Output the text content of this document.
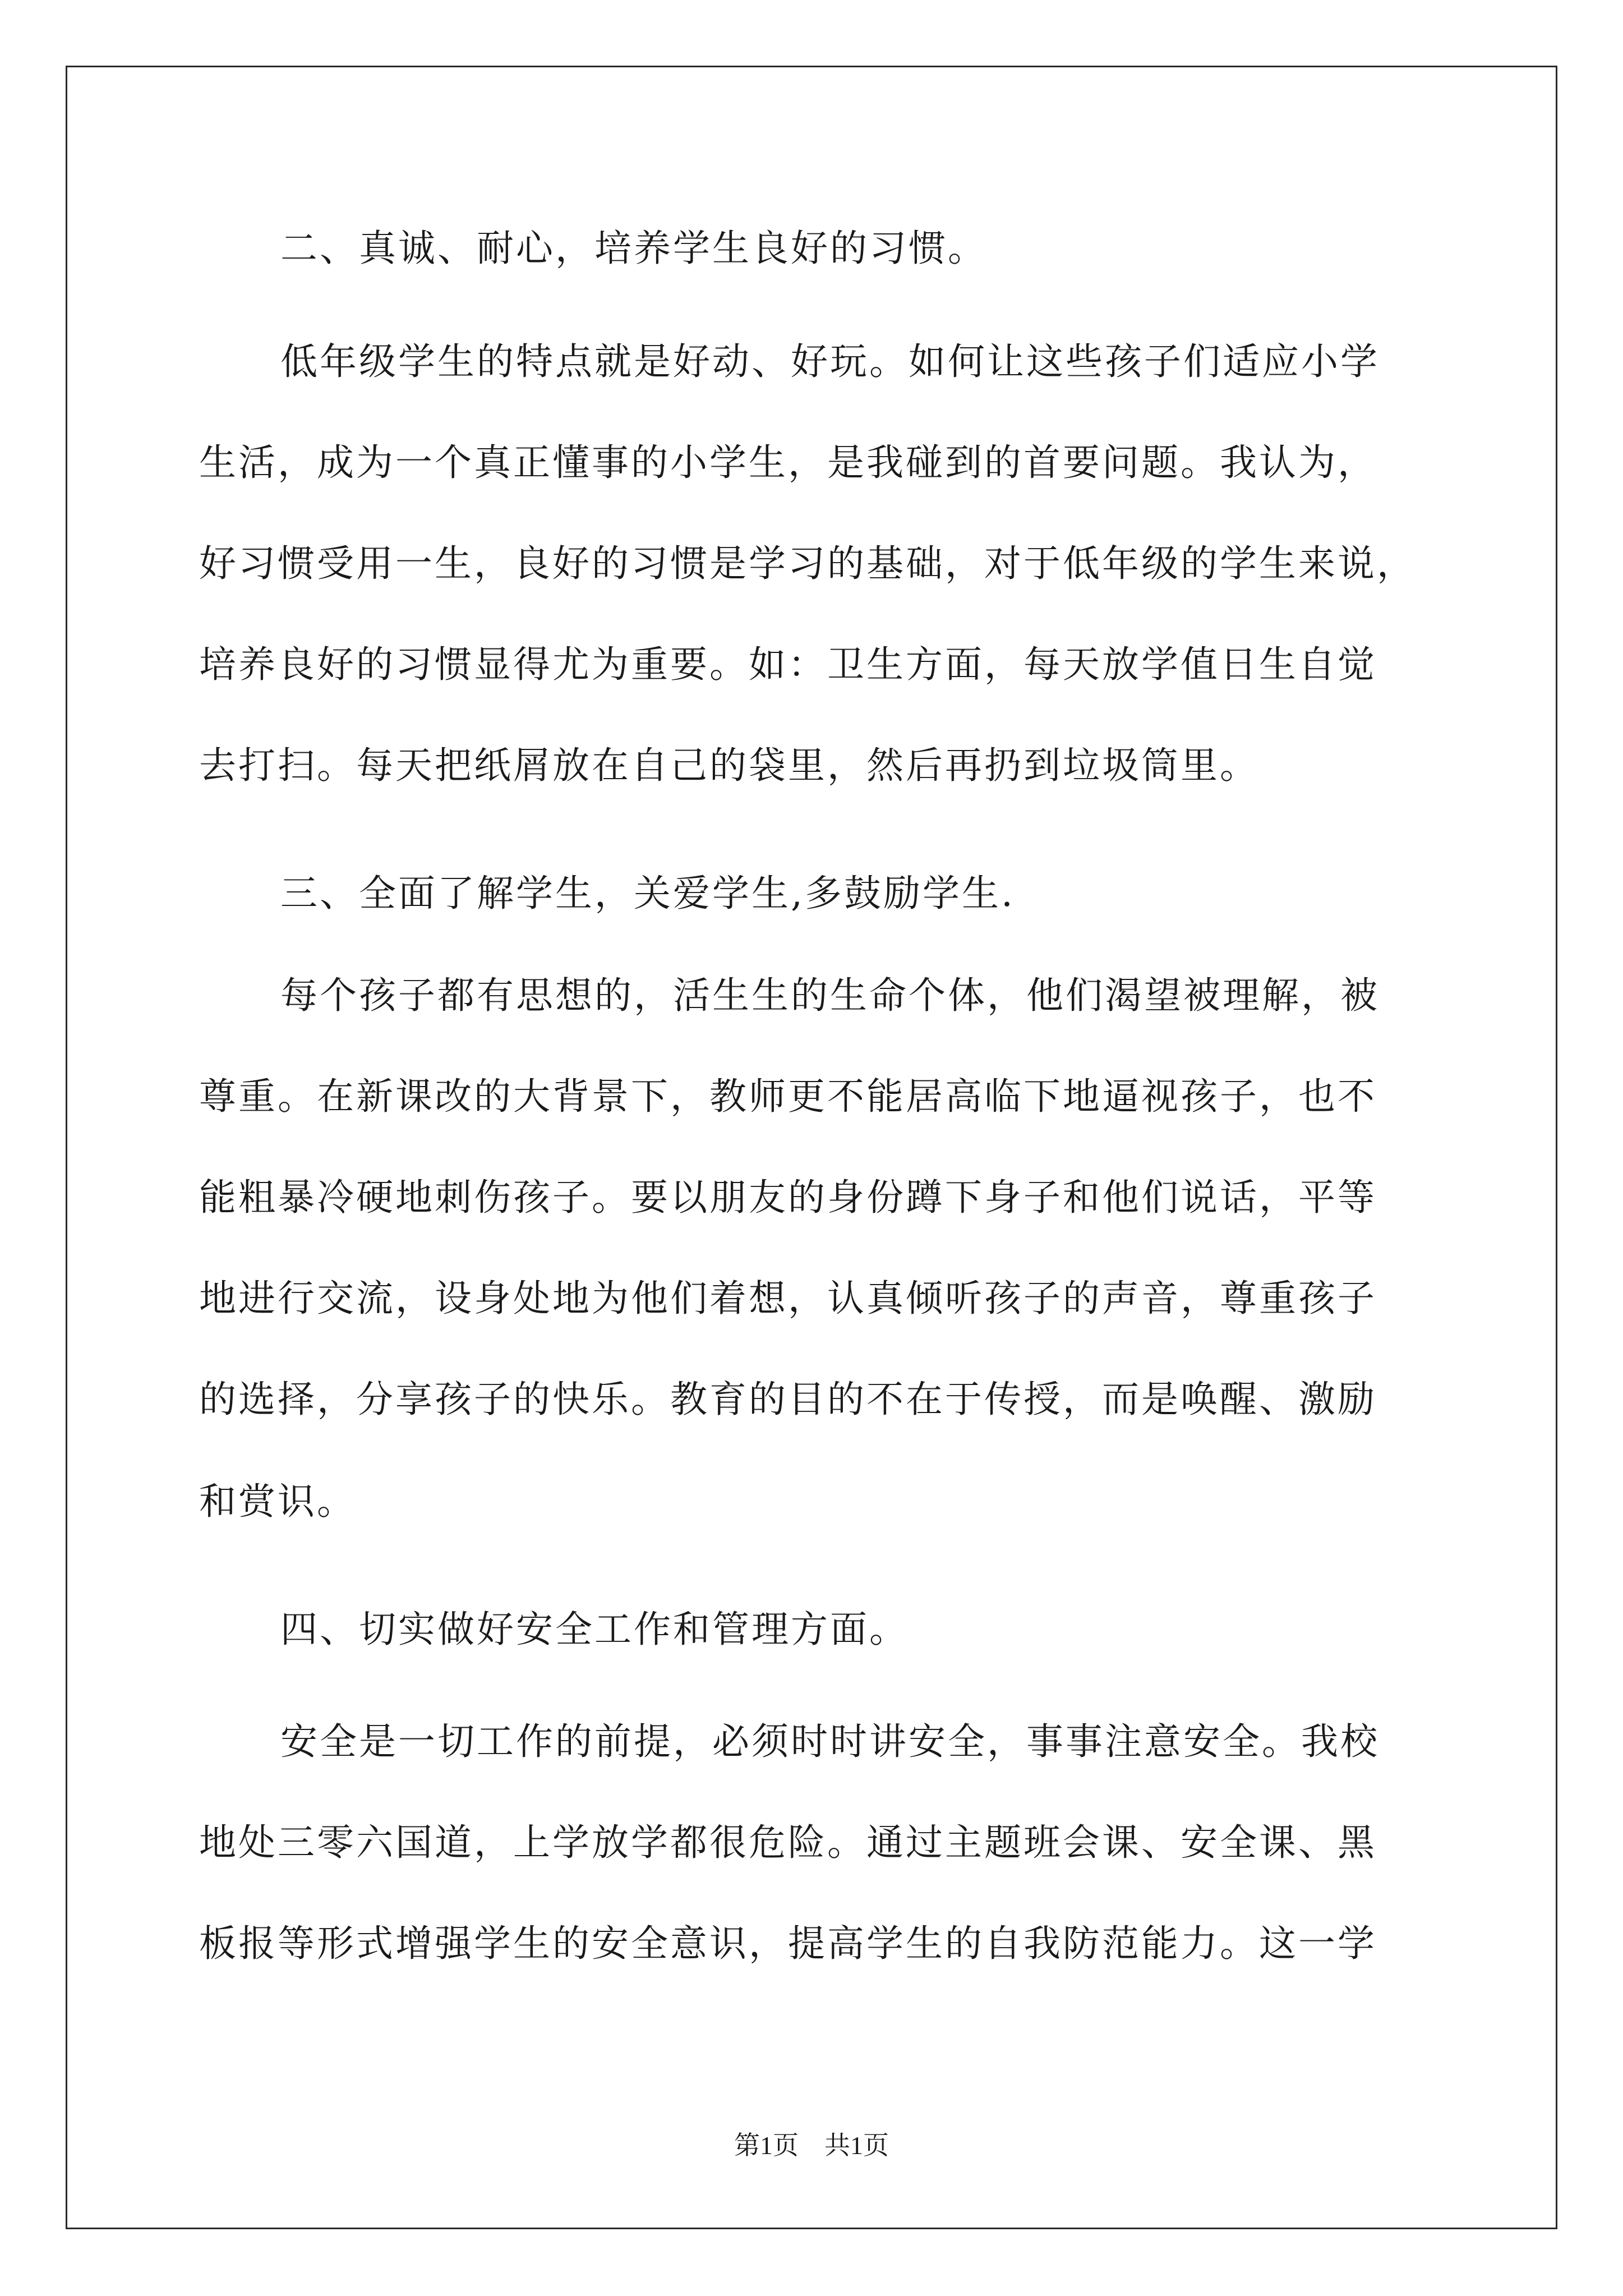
二、真诚、耐心，培养学生良好的习惯。
低年级学生的特点就是好动、好玩。如何让这些孩子们适应小学
生活，成为一个真正懂事的小学生，是我碰到的首要问题。我认为，
好习惯受用一生，良好的习惯是学习的基础，对于低年级的学生来说，
培养良好的习惯显得尤为重要。如：卫生方面，每天放学值日生自觉
去打扫。每天把纸屑放在自己的袋里，然后再扔到垃圾筒里。
三、全面了解学生，关爱学生,多鼓励学生.
每个孩子都有思想的，活生生的生命个体，他们渴望被理解，被
尊重。在新课改的大背景下，教师更不能居高临下地逼视孩子，也不
能粗暴冷硬地刺伤孩子。要以朋友的身份蹲下身子和他们说话，平等
地进行交流，设身处地为他们着想，认真倾听孩子的声音，尊重孩子
的选择，分享孩子的快乐。教育的目的不在于传授，而是唤醒、激励
和赏识。
四、切实做好安全工作和管理方面。
安全是一切工作的前提，必须时时讲安全，事事注意安全。我校
地处三零六国道，上学放学都很危险。通过主题班会课、安全课、黑
板报等形式增强学生的安全意识，提高学生的自我防范能力。这一学
第1页 共1页
